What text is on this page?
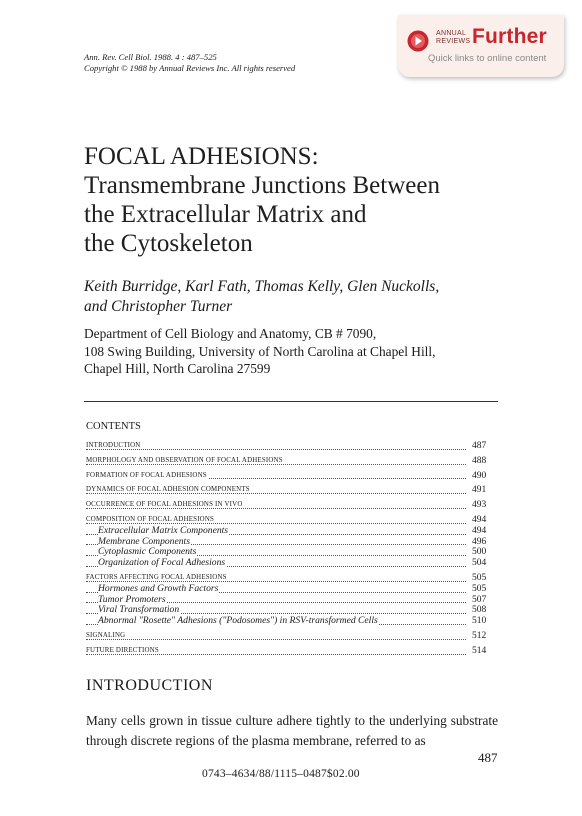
Ann. Rev. Cell Biol. 1988. 4 : 487–525
Copyright © 1988 by Annual Reviews Inc. All rights reserved
ANNUAL
REVIEWS Further
Quick links to online content
FOCAL ADHESIONS:
Transmembrane Junctions Between
the Extracellular Matrix and
the Cytoskeleton
Keith Burridge, Karl Fath, Thomas Kelly, Glen Nuckolls,
and Christopher Turner
Department of Cell Biology and Anatomy, CB # 7090,
108 Swing Building, University of North Carolina at Chapel Hill,
Chapel Hill, North Carolina 27599
CONTENTS
INTRODUCTION	487
MORPHOLOGY AND OBSERVATION OF FOCAL ADHESIONS	488
FORMATION OF FOCAL ADHESIONS	490
DYNAMICS OF FOCAL ADHESION COMPONENTS	491
OCCURRENCE OF FOCAL ADHESIONS IN VIVO	493
COMPOSITION OF FOCAL ADHESIONS	494
Extracellular Matrix Components	494
Membrane Components	496
Cytoplasmic Components	500
Organization of Focal Adhesions	504
FACTORS AFFECTING FOCAL ADHESIONS	505
Hormones and Growth Factors	505
Tumor Promoters	507
Viral Transformation	508
Abnormal "Rosette" Adhesions ("Podosomes") in RSV-transformed Cells	510
SIGNALING	512
FUTURE DIRECTIONS	514
INTRODUCTION
Many cells grown in tissue culture adhere tightly to the underlying substrate through discrete regions of the plasma membrane, referred to as
487
0743–4634/88/1115–0487$02.00
